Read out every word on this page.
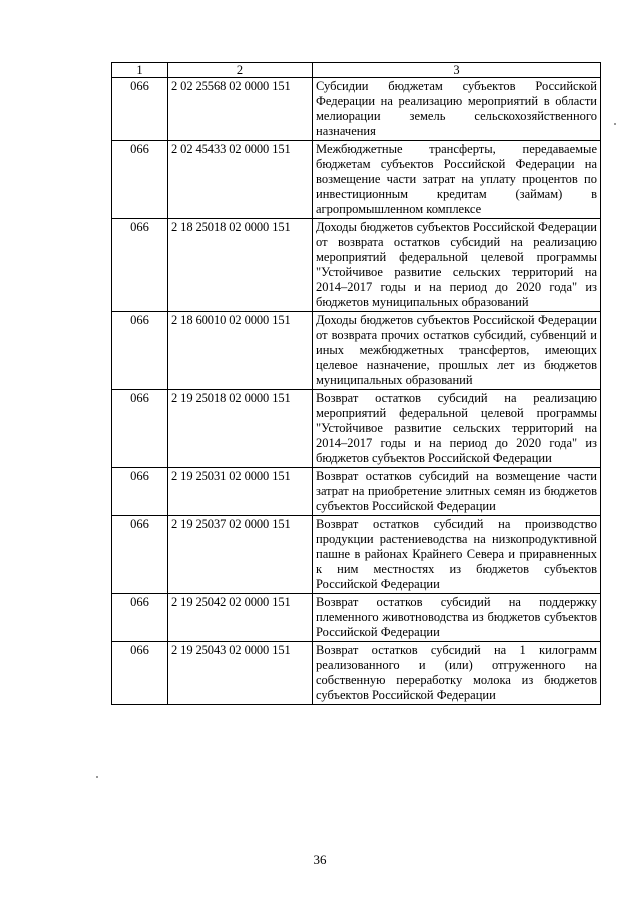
1	2	3
066	2 02 25568 02 0000 151	Субсидии бюджетам субъектов Российской Федерации на реализацию мероприятий в области мелиорации земель сельскохозяйственного назначения
066	2 02 45433 02 0000 151	Межбюджетные трансферты, передаваемые бюджетам субъектов Российской Федерации на возмещение части затрат на уплату процентов по инвестиционным кредитам (займам) в агропромышленном комплексе
066	2 18 25018 02 0000 151	Доходы бюджетов субъектов Российской Федерации от возврата остатков субсидий на реализацию мероприятий федеральной целевой программы "Устойчивое развитие сельских территорий на 2014–2017 годы и на период до 2020 года" из бюджетов муниципальных образований
066	2 18 60010 02 0000 151	Доходы бюджетов субъектов Российской Федерации от возврата прочих остатков субсидий, субвенций и иных межбюджетных трансфертов, имеющих целевое назначение, прошлых лет из бюджетов муниципальных образований
066	2 19 25018 02 0000 151	Возврат остатков субсидий на реализацию мероприятий федеральной целевой программы "Устойчивое развитие сельских территорий на 2014–2017 годы и на период до 2020 года" из бюджетов субъектов Российской Федерации
066	2 19 25031 02 0000 151	Возврат остатков субсидий на возмещение части затрат на приобретение элитных семян из бюджетов субъектов Российской Федерации
066	2 19 25037 02 0000 151	Возврат остатков субсидий на производство продукции растениеводства на низкопродуктивной пашне в районах Крайнего Севера и приравненных к ним местностях из бюджетов субъектов Российской Федерации
066	2 19 25042 02 0000 151	Возврат остатков субсидий на поддержку племенного животноводства из бюджетов субъектов Российской Федерации
066	2 19 25043 02 0000 151	Возврат остатков субсидий на 1 килограмм реализованного и (или) отгруженного на собственную переработку молока из бюджетов субъектов Российской Федерации
36
